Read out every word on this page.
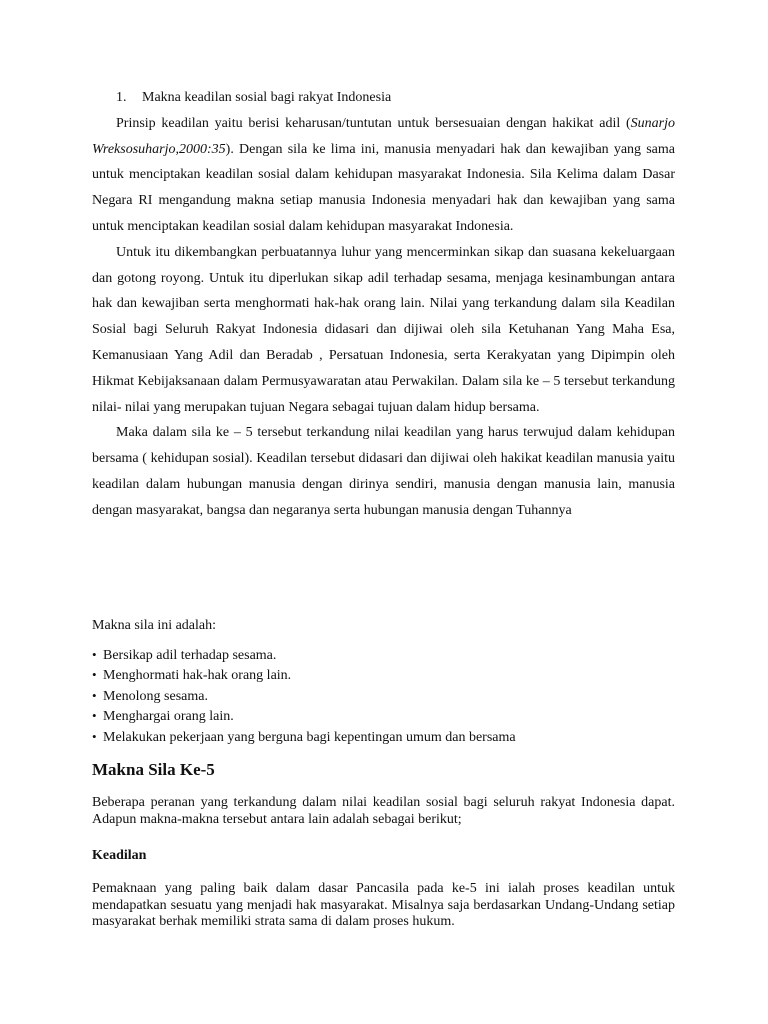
1. Makna keadilan sosial bagi rakyat Indonesia

Prinsip keadilan yaitu berisi keharusan/tuntutan untuk bersesuaian dengan hakikat adil (Sunarjo Wreksosuharjo,2000:35). Dengan sila ke lima ini, manusia menyadari hak dan kewajiban yang sama untuk menciptakan keadilan sosial dalam kehidupan masyarakat Indonesia. Sila Kelima dalam Dasar Negara RI mengandung makna setiap manusia Indonesia menyadari hak dan kewajiban yang sama untuk menciptakan keadilan sosial dalam kehidupan masyarakat Indonesia.

Untuk itu dikembangkan perbuatannya luhur yang mencerminkan sikap dan suasana kekeluargaan dan gotong royong. Untuk itu diperlukan sikap adil terhadap sesama, menjaga kesinambungan antara hak dan kewajiban serta menghormati hak-hak orang lain. Nilai yang terkandung dalam sila Keadilan Sosial bagi Seluruh Rakyat Indonesia didasari dan dijiwai oleh sila Ketuhanan Yang Maha Esa, Kemanusiaan Yang Adil dan Beradab , Persatuan Indonesia, serta Kerakyatan yang Dipimpin oleh Hikmat Kebijaksanaan dalam Permusyawaratan atau Perwakilan. Dalam sila ke – 5 tersebut terkandung nilai- nilai yang merupakan tujuan Negara sebagai tujuan dalam hidup bersama.

Maka dalam sila ke – 5 tersebut terkandung nilai keadilan yang harus terwujud dalam kehidupan bersama ( kehidupan sosial). Keadilan tersebut didasari dan dijiwai oleh hakikat keadilan manusia yaitu keadilan dalam hubungan manusia dengan dirinya sendiri, manusia dengan manusia lain, manusia dengan masyarakat, bangsa dan negaranya serta hubungan manusia dengan Tuhannya

Makna sila ini adalah:

• Bersikap adil terhadap sesama.
• Menghormati hak-hak orang lain.
• Menolong sesama.
• Menghargai orang lain.
• Melakukan pekerjaan yang berguna bagi kepentingan umum dan bersama
Makna Sila Ke-5

Beberapa peranan yang terkandung dalam nilai keadilan sosial bagi seluruh rakyat Indonesia dapat. Adapun makna-makna tersebut antara lain adalah sebagai berikut;

Keadilan

Pemaknaan yang paling baik dalam dasar Pancasila pada ke-5 ini ialah proses keadilan untuk mendapatkan sesuatu yang menjadi hak masyarakat. Misalnya saja berdasarkan Undang-Undang setiap masyarakat berhak memiliki strata sama di dalam proses hukum.
